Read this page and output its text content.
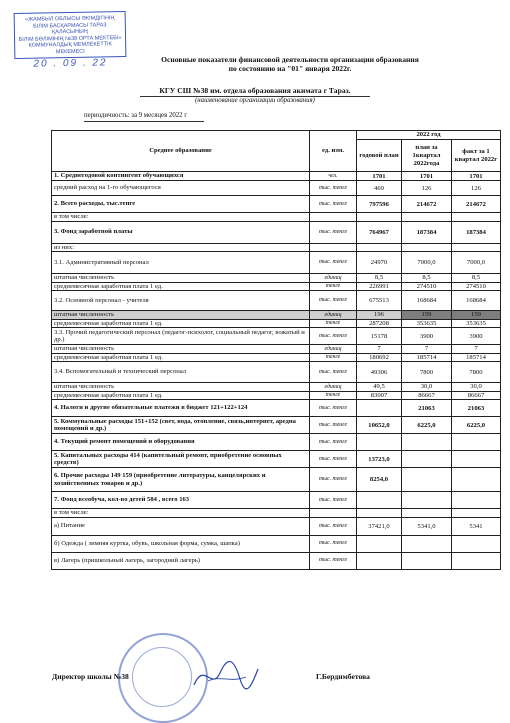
«ЖАМБЫЛ ОБЛЫСЫ ӘКІМДІГІНІҢ
БІЛІМ БАСҚАРМАСЫ ТАРАЗ ҚАЛАСЫНЫҢ
БІЛІМ БӨЛІМІНІҢ №38 ОРТА МЕКТЕБІ»
КОММУНАЛДЫҚ МЕМЛЕКЕТТІК МЕКЕМЕСІ
20 . 09 . 22	Основные показатели финансовой деятельности организации образования
по состоянию на "01" января 2022г.
КГУ СШ №38 им. отдела образования акимата г Тараз.
(наименование организации образования)
периодичность: за 9 месяцев 2022 г
Среднее образование	ед. изм.	2022 год		
		годовой план	план за 1квартал 2022года	факт за 1 квартал 2022г
1. Среднегодовой контингент обучающихся	чел.	1701	1701	1701
средний расход на 1-го обучающегося	тыс. тенге	469	126	126
2. Всего расходы, тыс.тенге	тыс. тенге	797596	214672	214672
в том числе:				
3. Фонд заработной платы	тыс. тенге	764967	187384	187384
из них:				
3.1. Административный персонал	тыс. тенге	24970	7000,0	7000,0
штатная численность	единиц	8,5	8,5	8,5
среднемесячная заработная плата 1 ед.	тенге	226991	274510	274510
3.2. Основной персонал - учителя	тыс. тенге	675513	168684	168684
штатная численность	единиц	196	159	159
среднемесячная заработная плата 1 ед.	тенге	287208	353635	353635
3.3. Прочий педагогический персонал (педагог-психолог, социальный педагог, вожатый и др.)	тыс. тенге	15178	3900	3900
штатная численность	единиц	7	7	7
среднемесячная заработная плата 1 ед.	тенге	180692	185714	185714
3.4. Вспомогательный и технический персонал	тыс. тенге	49306	7800	7800
штатная численность	единиц	49,5	30,0	30,0
среднемесячная заработная плата 1 ед.	тенге	83007	86667	86667
4. Налоги и другие обязательные платежи в бюджет 121+122+124	тыс. тенге		21063	21063
5. Коммунальные расходы 151+152 (свет, вода, отопление, связь,интернет, аредна помещений и др.)	тыс. тенге	10652,0	6225,0	6225,0
4. Текущий ремонт помещений и оборудования	тыс. тенге			
5. Капитальных расходы 414 (капительный ремонт, приобретение основных средств)	тыс. тенге	13723,0		
6. Прочие расходы 149 159 (приобретение литературы, канцелярских и хозяйственных товаров и др.)	тыс. тенге	8254,0		
7. Фонд всеобуча, кол-во детей 584 , всего 163	тыс. тенге			
в том числе:				
а) Питание	тыс. тенге	37421,0	5341,0	5341
б) Одежда ( зимняя куртка, обувь, школьная форма, сумка, шапка)	тыс. тенге			
в) Лагерь (пришкольный лагерь, загородний лагерь)	тыс. тенге			
Директор школы №38	Г.Бердимбетова
